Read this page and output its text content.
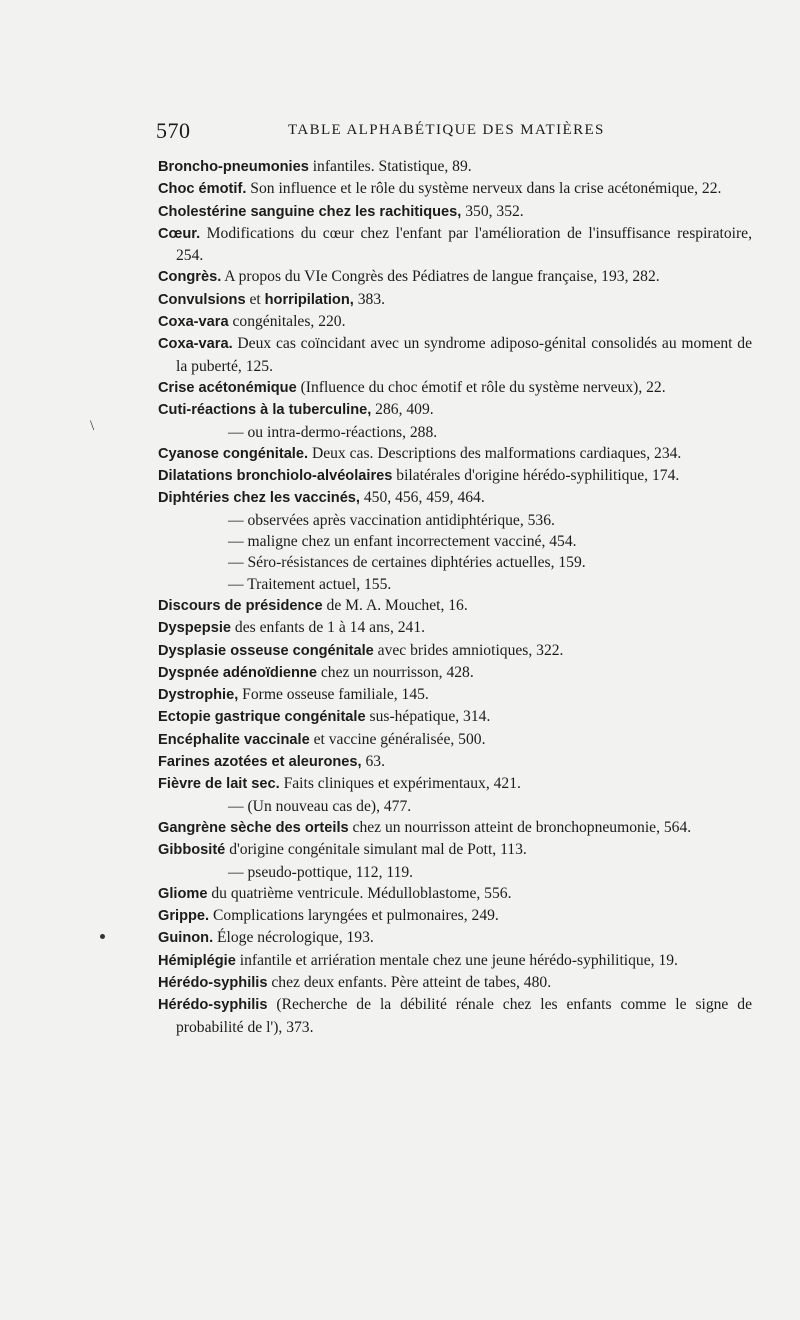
570	TABLE ALPHABÉTIQUE DES MATIÈRES
\

Broncho-pneumonies infantiles. Statistique, 89.

Choc émotif. Son influence et le rôle du système nerveux dans la crise acétonémique, 22.

Cholestérine sanguine chez les rachitiques, 350, 352.

Cœur. Modifications du cœur chez l'enfant par l'amélioration de l'insuffisance respiratoire, 254.

Congrès. A propos du VIe Congrès des Pédiatres de langue française, 193, 282.

Convulsions et horripilation, 383.

Coxa-vara congénitales, 220.

Coxa-vara. Deux cas coïncidant avec un syndrome adiposo-génital consolidés au moment de la puberté, 125.

Crise acétonémique (Influence du choc émotif et rôle du système nerveux), 22.

Cuti-réactions à la tuberculine, 286, 409.

— ou intra-dermo-réactions, 288.

Cyanose congénitale. Deux cas. Descriptions des malformations cardiaques, 234.

Dilatations bronchiolo-alvéolaires bilatérales d'origine hérédo-syphilitique, 174.

Diphtéries chez les vaccinés, 450, 456, 459, 464.

— observées après vaccination antidiphtérique, 536.

— maligne chez un enfant incorrectement vacciné, 454.

— Séro-résistances de certaines diphtéries actuelles, 159.

— Traitement actuel, 155.

Discours de présidence de M. A. Mouchet, 16.

Dyspepsie des enfants de 1 à 14 ans, 241.

Dysplasie osseuse congénitale avec brides amniotiques, 322.

Dyspnée adénoïdienne chez un nourrisson, 428.

Dystrophie, Forme osseuse familiale, 145.

Ectopie gastrique congénitale sus-hépatique, 314.

Encéphalite vaccinale et vaccine généralisée, 500.

Farines azotées et aleurones, 63.

Fièvre de lait sec. Faits cliniques et expérimentaux, 421.

— (Un nouveau cas de), 477.

Gangrène sèche des orteils chez un nourrisson atteint de bronchopneumonie, 564.

Gibbosité d'origine congénitale simulant mal de Pott, 113.

— pseudo-pottique, 112, 119.

Gliome du quatrième ventricule. Médulloblastome, 556.

Grippe. Complications laryngées et pulmonaires, 249.

Guinon. Éloge nécrologique, 193.

Hémiplégie infantile et arriération mentale chez une jeune hérédo-syphilitique, 19.

Hérédo-syphilis chez deux enfants. Père atteint de tabes, 480.

Hérédo-syphilis (Recherche de la débilité rénale chez les enfants comme le signe de probabilité de l'), 373.
